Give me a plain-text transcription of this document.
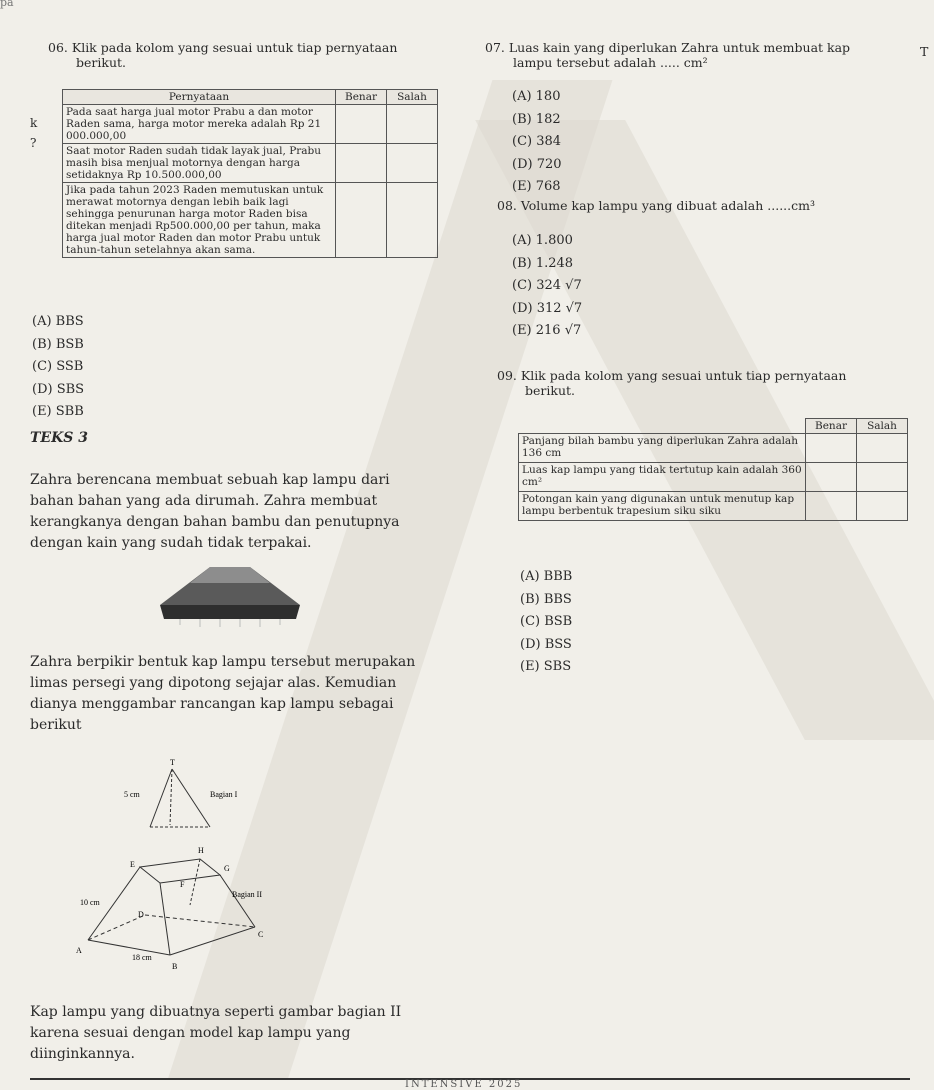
pa
06. Klik pada kolom yang sesuai untuk tiap pernyataan
berikut.
k
?
Pernyataan	Benar	Salah
Pada saat harga jual motor Prabu a dan motor Raden sama, harga motor mereka adalah Rp 21 000.000,00		
Saat motor Raden sudah tidak layak jual, Prabu masih bisa menjual motornya dengan harga setidaknya Rp 10.500.000,00		
Jika pada tahun 2023 Raden memutuskan untuk merawat motornya dengan lebih baik lagi sehingga penurunan harga motor Raden bisa ditekan menjadi Rp500.000,00 per tahun, maka harga jual motor Raden dan motor Prabu untuk tahun-tahun setelahnya akan sama.		
(A) BBS
(B) BSB
(C) SSB
(D) SBS
(E) SBB
TEKS 3
Zahra berencana membuat sebuah kap lampu dari
bahan bahan yang ada dirumah. Zahra membuat
kerangkanya dengan bahan bambu dan penutupnya
dengan kain yang sudah tidak terpakai.
Zahra berpikir bentuk kap lampu tersebut merupakan
limas persegi yang dipotong sejajar alas. Kemudian
dianya menggambar rancangan kap lampu sebagai
berikut
T
5 cm	Bagian I
E
H
G
F
10 cm
Bagian II
D
C
A
18 cm
B
Kap lampu yang dibuatnya seperti gambar bagian II
karena sesuai dengan model kap lampu yang
diinginkannya.
INTENSIVE 2025
07. Luas kain yang diperlukan Zahra untuk membuat kap
lampu tersebut adalah ..... cm²
T
(A) 180
(B) 182
(C) 384
(D) 720
(E) 768
08. Volume kap lampu yang dibuat adalah ......cm³
(A) 1.800
(B) 1.248
(C) 324 √7
(D) 312 √7
(E) 216 √7
09. Klik pada kolom yang sesuai untuk tiap pernyataan
berikut.
	Benar	Salah
Panjang bilah bambu yang diperlukan Zahra adalah 136 cm		
Luas kap lampu yang tidak tertutup kain adalah 360 cm²		
Potongan kain yang digunakan untuk menutup kap lampu berbentuk trapesium siku siku		
(A) BBB
(B) BBS
(C) BSB
(D) BSS
(E) SBS
